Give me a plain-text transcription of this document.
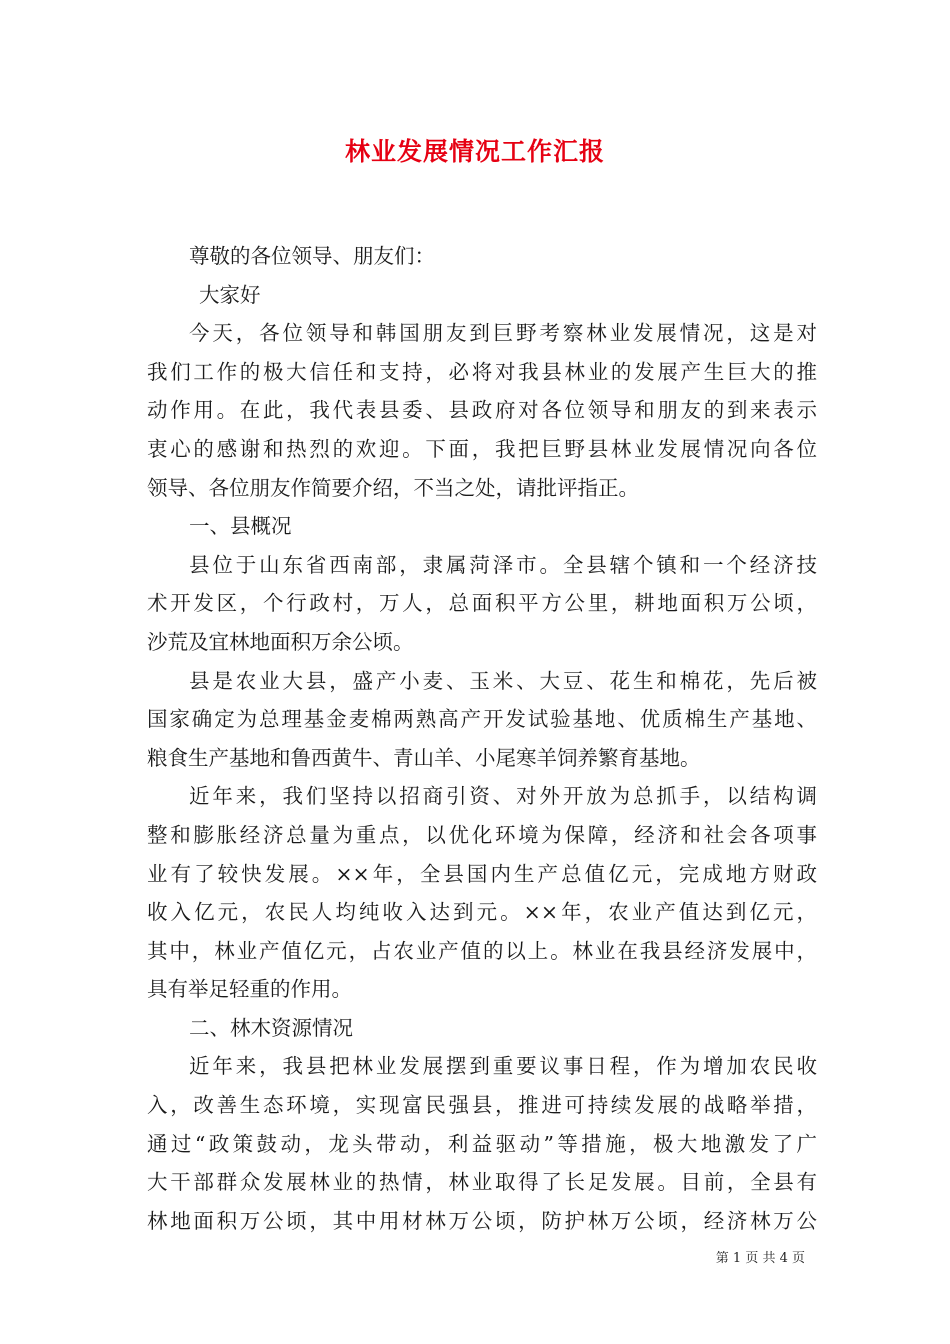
林业发展情况工作汇报
尊敬的各位领导、朋友们：
大家好
今天，各位领导和韩国朋友到巨野考察林业发展情况，这是对
我们工作的极大信任和支持，必将对我县林业的发展产生巨大的推
动作用。在此，我代表县委、县政府对各位领导和朋友的到来表示
衷心的感谢和热烈的欢迎。下面，我把巨野县林业发展情况向各位
领导、各位朋友作简要介绍，不当之处，请批评指正。
一、县概况
县位于山东省西南部，隶属菏泽市。全县辖个镇和一个经济技
术开发区，个行政村，万人，总面积平方公里，耕地面积万公顷，
沙荒及宜林地面积万余公顷。
县是农业大县，盛产小麦、玉米、大豆、花生和棉花，先后被
国家确定为总理基金麦棉两熟高产开发试验基地、优质棉生产基地、
粮食生产基地和鲁西黄牛、青山羊、小尾寒羊饲养繁育基地。
近年来，我们坚持以招商引资、对外开放为总抓手，以结构调
整和膨胀经济总量为重点，以优化环境为保障，经济和社会各项事
业有了较快发展。××年，全县国内生产总值亿元，完成地方财政
收入亿元，农民人均纯收入达到元。××年，农业产值达到亿元，
其中，林业产值亿元，占农业产值的以上。林业在我县经济发展中，
具有举足轻重的作用。
二、林木资源情况
近年来，我县把林业发展摆到重要议事日程，作为增加农民收
入，改善生态环境，实现富民强县，推进可持续发展的战略举措，
通过“政策鼓动，龙头带动，利益驱动”等措施，极大地激发了广
大干部群众发展林业的热情，林业取得了长足发展。目前，全县有
林地面积万公顷，其中用材林万公顷，防护林万公顷，经济林万公
第 1 页 共 4 页
